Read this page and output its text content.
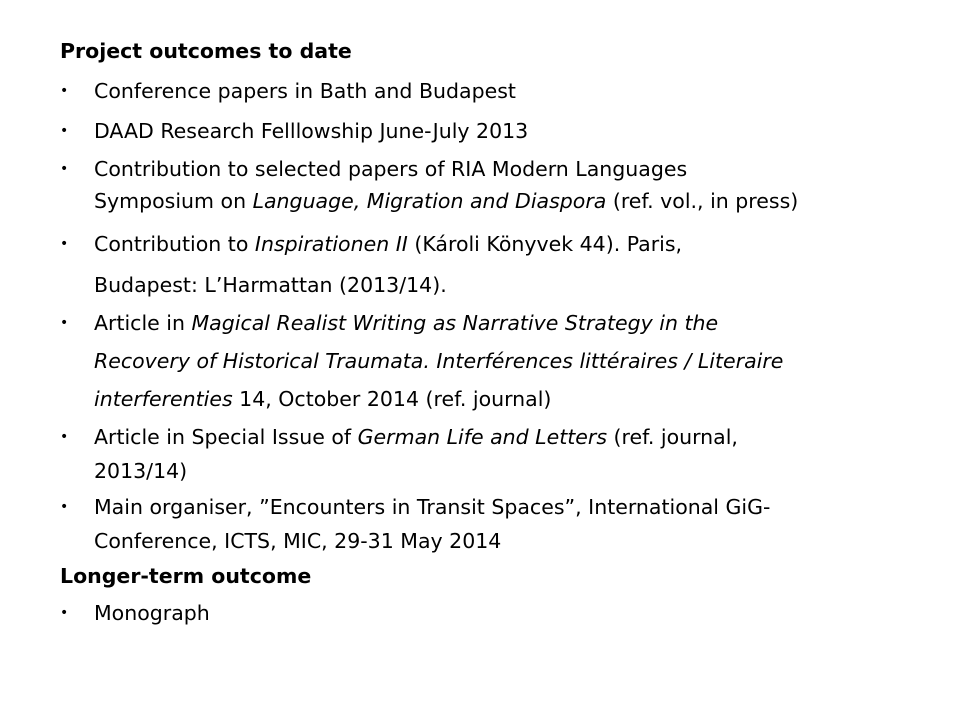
Project outcomes to date
Longer-term outcome
• Conference papers in Bath and Budapest
• DAAD Research Felllowship June-July 2013
• Contribution to selected papers of RIA Modern Languages
Symposium on Language, Migration and Diaspora (ref. vol., in press)
• Contribution to Inspirationen II (Károli Könyvek 44). Paris,
Budapest: L’Harmattan (2013/14).
• Article in Magical Realist Writing as Narrative Strategy in the
Recovery of Historical Traumata. Interférences littéraires / Literaire
interferenties 14, October 2014 (ref. journal)
• Article in Special Issue of German Life and Letters (ref. journal,
2013/14)
• Main organiser, ”Encounters in Transit Spaces”, International GiG-
Conference, ICTS, MIC, 29-31 May 2014
• Monograph
